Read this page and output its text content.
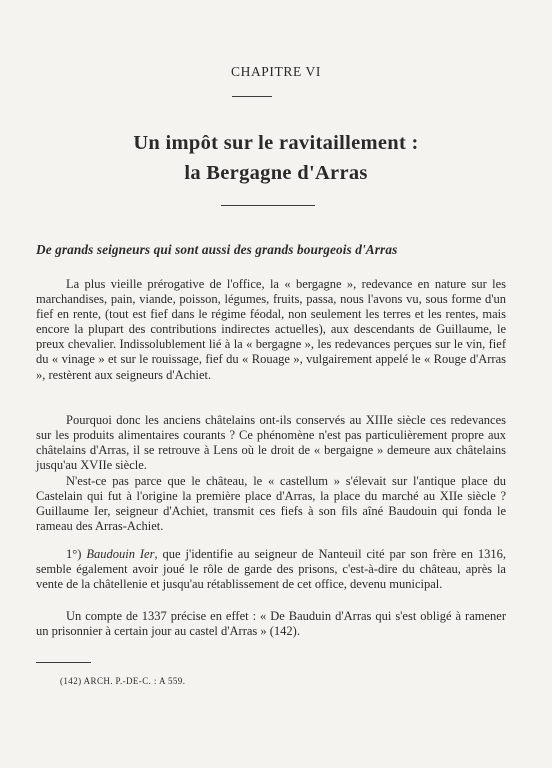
CHAPITRE VI
Un impôt sur le ravitaillement :
la Bergagne d'Arras
De grands seigneurs qui sont aussi des grands bourgeois d'Arras

La plus vieille prérogative de l'office, la « bergagne », redevance en nature sur les marchandises, pain, viande, poisson, légumes, fruits, passa, nous l'avons vu, sous forme d'un fief en rente, (tout est fief dans le régime féodal, non seulement les terres et les rentes, mais encore la plupart des contributions indirectes actuelles), aux descendants de Guillaume, le preux chevalier. Indissolublement lié à la « bergagne », les redevances perçues sur le vin, fief du « vinage » et sur le rouissage, fief du « Rouage », vulgairement appelé le « Rouge d'Arras », restèrent aux seigneurs d'Achiet.

Pourquoi donc les anciens châtelains ont-ils conservés au XIIIe siècle ces redevances sur les produits alimentaires courants ? Ce phénomène n'est pas particulièrement propre aux châtelains d'Arras, il se retrouve à Lens où le droit de « bergaigne » demeure aux châtelains jusqu'au XVIIe siècle.

N'est-ce pas parce que le château, le « castellum » s'élevait sur l'antique place du Castelain qui fut à l'origine la première place d'Arras, la place du marché au XIIe siècle ? Guillaume Ier, seigneur d'Achiet, transmit ces fiefs à son fils aîné Baudouin qui fonda le rameau des Arras-Achiet.

1°) Baudouin Ier, que j'identifie au seigneur de Nanteuil cité par son frère en 1316, semble également avoir joué le rôle de garde des prisons, c'est-à-dire du château, après la vente de la châtellenie et jusqu'au rétablissement de cet office, devenu municipal.

Un compte de 1337 précise en effet : « De Bauduin d'Arras qui s'est obligé à ramener un prisonnier à certain jour au castel d'Arras » (142).

(142) ARCH. P.-DE-C. : A 559.
